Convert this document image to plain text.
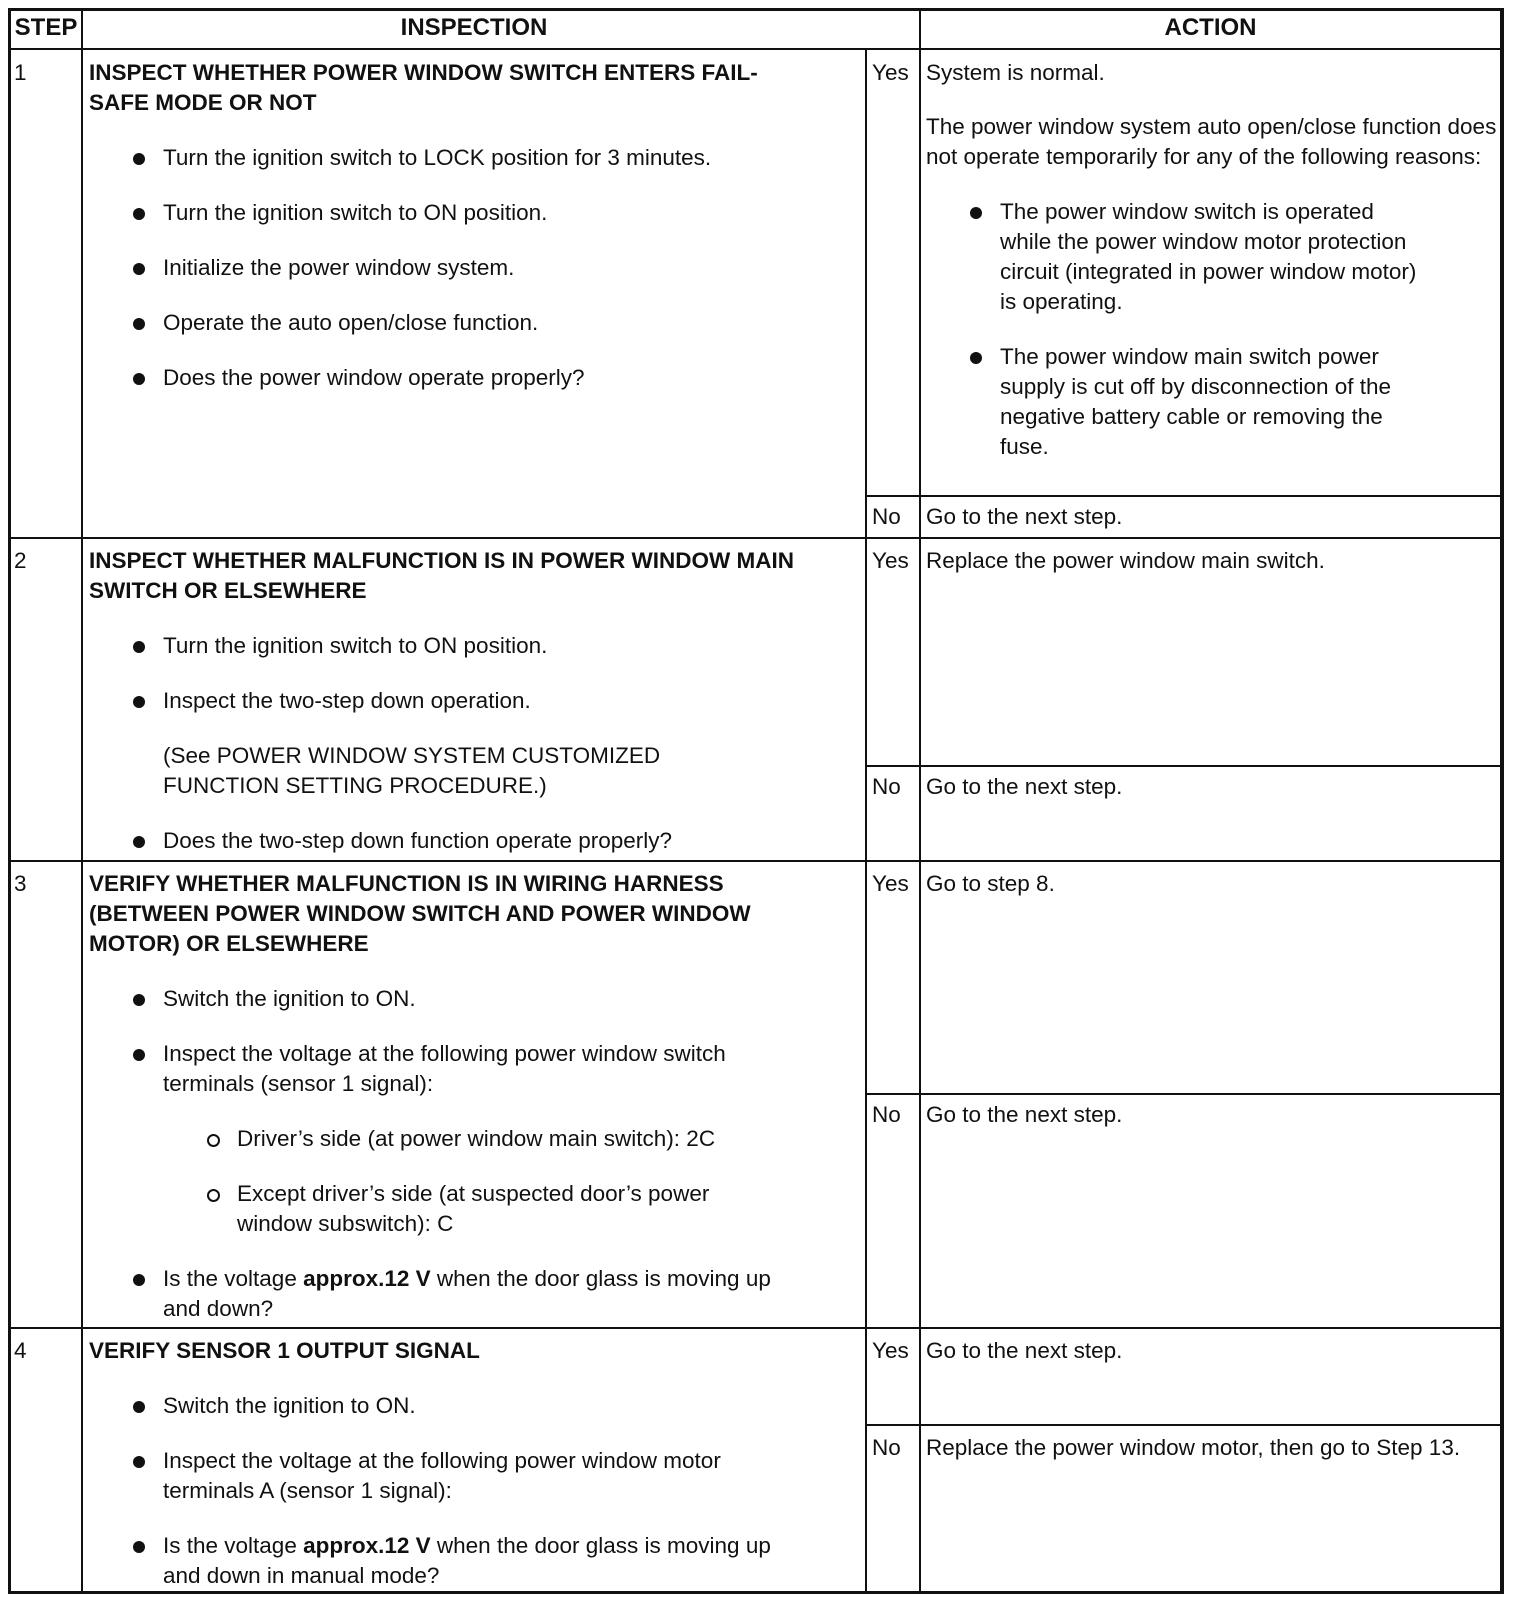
STEP	INSPECTION	ACTION
1	INSPECT WHETHER POWER WINDOW SWITCH ENTERS FAIL-SAFE MODE OR NOT

Turn the ignition switch to LOCK position for 3 minutes.
Turn the ignition switch to ON position.
Initialize the power window system.
Operate the auto open/close function.
Does the power window operate properly?
Yes System is normal.

The power window system auto open/close function does not operate temporarily for any of the following reasons:

The power window switch is operated while the power window motor protection circuit (integrated in power window motor) is operating.
The power window main switch power supply is cut off by disconnection of the negative battery cable or removing the fuse.
No Go to the next step.
2	INSPECT WHETHER MALFUNCTION IS IN POWER WINDOW MAIN SWITCH OR ELSEWHERE

Turn the ignition switch to ON position.
Inspect the two-step down operation.

(See POWER WINDOW SYSTEM CUSTOMIZED FUNCTION SETTING PROCEDURE.)

Does the two-step down function operate properly?
Yes Replace the power window main switch.
No Go to the next step.
3	VERIFY WHETHER MALFUNCTION IS IN WIRING HARNESS (BETWEEN POWER WINDOW SWITCH AND POWER WINDOW MOTOR) OR ELSEWHERE

Switch the ignition to ON.
Inspect the voltage at the following power window switch terminals (sensor 1 signal):
Driver’s side (at power window main switch): 2C
Except driver’s side (at suspected door’s power window subswitch): C
Is the voltage approx.12 V when the door glass is moving up and down?
Yes Go to step 8.
No Go to the next step.
4	VERIFY SENSOR 1 OUTPUT SIGNAL

Switch the ignition to ON.
Inspect the voltage at the following power window motor terminals A (sensor 1 signal):
Is the voltage approx.12 V when the door glass is moving up and down in manual mode?
Yes Go to the next step.
No Replace the power window motor, then go to Step 13.
